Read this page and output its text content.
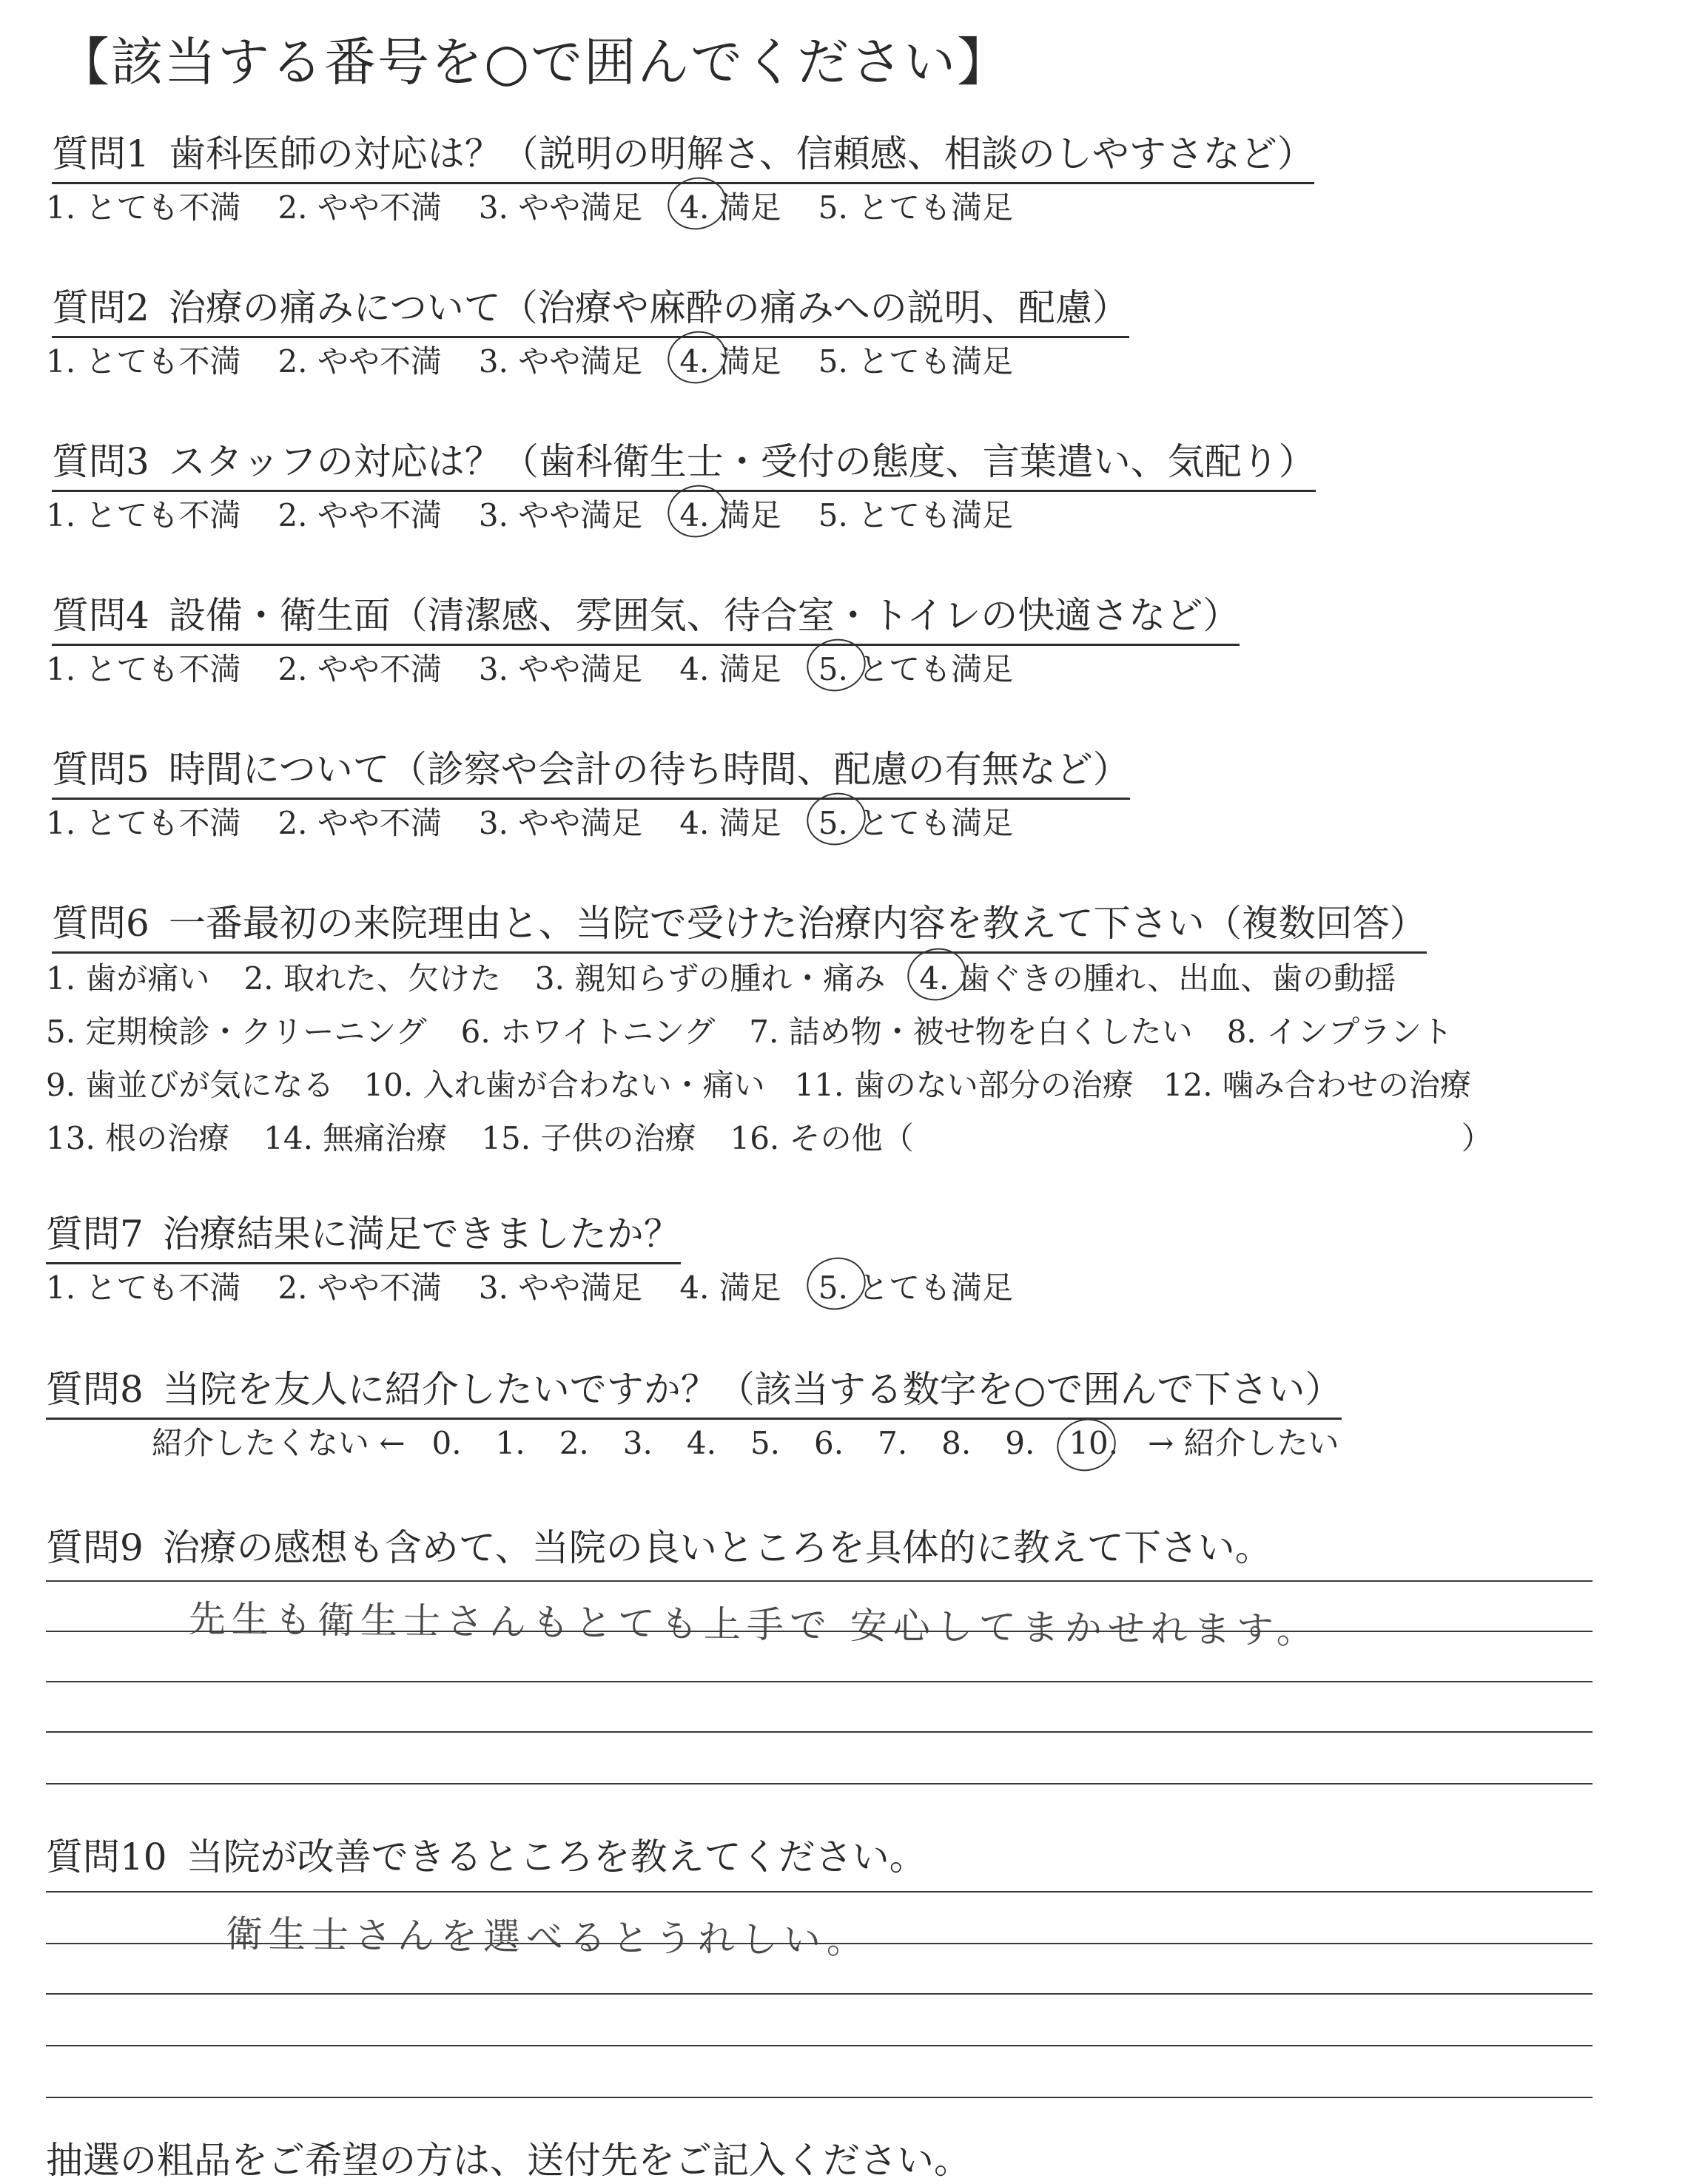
【該当する番号を○で囲んでください】
質問1 歯科医師の対応は？（説明の明解さ、信頼感、相談のしやすさなど）
1. とても不満 2. やや不満 3. やや満足 4. 満足 5. とても満足
質問2 治療の痛みについて（治療や麻酔の痛みへの説明、配慮）
1. とても不満 2. やや不満 3. やや満足 4. 満足 5. とても満足
質問3 スタッフの対応は？（歯科衛生士・受付の態度、言葉遣い、気配り）
1. とても不満 2. やや不満 3. やや満足 4. 満足 5. とても満足
質問4 設備・衛生面（清潔感、雰囲気、待合室・トイレの快適さなど）
1. とても不満 2. やや不満 3. やや満足 4. 満足 5. とても満足
質問5 時間について（診察や会計の待ち時間、配慮の有無など）
1. とても不満 2. やや不満 3. やや満足 4. 満足 5. とても満足
質問6 一番最初の来院理由と、当院で受けた治療内容を教えて下さい（複数回答）
1. 歯が痛い 2. 取れた、欠けた 3. 親知らずの腫れ・痛み 4. 歯ぐきの腫れ、出血、歯の動揺
5. 定期検診・クリーニング 6. ホワイトニング 7. 詰め物・被せ物を白くしたい 8. インプラント
9. 歯並びが気になる 10. 入れ歯が合わない・痛い 11. 歯のない部分の治療 12. 噛み合わせの治療
13. 根の治療 14. 無痛治療 15. 子供の治療 16. その他（	）
質問7 治療結果に満足できましたか？
1. とても不満 2. やや不満 3. やや満足 4. 満足 5. とても満足
質問8 当院を友人に紹介したいですか？（該当する数字を○で囲んで下さい）
紹介したくない ← 0. 1. 2. 3. 4. 5. 6. 7. 8. 9. 10. → 紹介したい
質問9 治療の感想も含めて、当院の良いところを具体的に教えて下さい。
先生も衛生士さんもとても上手で 安心してまかせれます。
質問10 当院が改善できるところを教えてください。
衛生士さんを選べるとうれしい。
抽選の粗品をご希望の方は、送付先をご記入ください。
